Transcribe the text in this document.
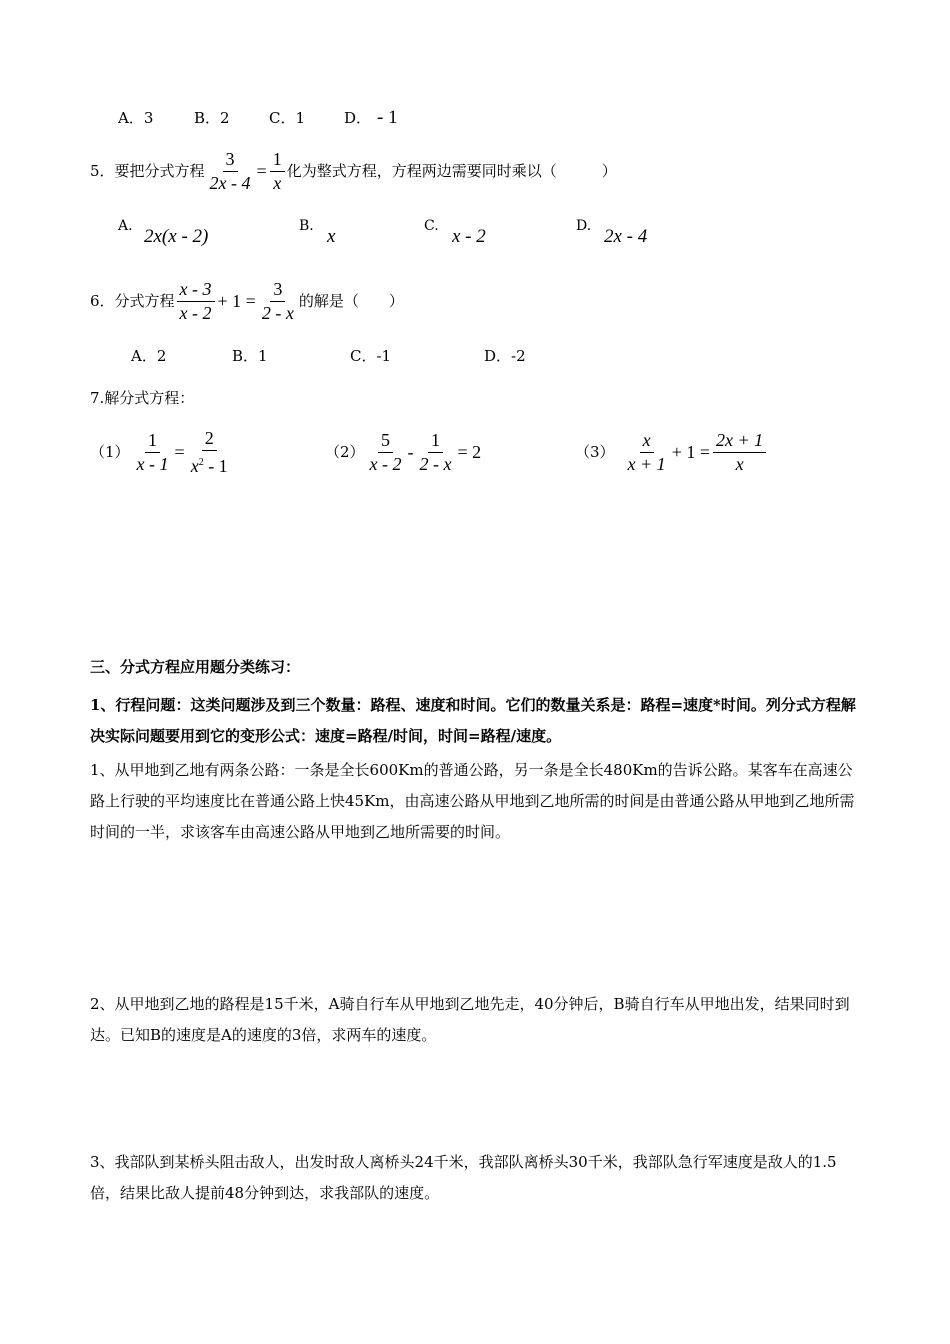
A．3	B．2	C．1	D． - 1
5．要把分式方程 $\frac{3}{2x - 4} = \frac{1}{x}$ 化为整式方程，方程两边需要同时乘以（　　　）
A. 2x(x - 2)	B. x	C. x - 2	D. 2x - 4
6．分式方程 $\frac{x - 3}{x - 2} + 1 = \frac{3}{2 - x}$ 的解是（　　）
A．2	B．1	C．-1	D．-2
7.解分式方程：
$(1) \frac{1}{x - 1} = \frac{2}{x^2 - 1}$	$(2) \frac{5}{x - 2} - \frac{1}{2 - x} = 2$	$(3) \frac{x}{x + 1} + 1 = \frac{2x + 1}{x}$
三、分式方程应用题分类练习：
1、行程问题：这类问题涉及到三个数量：路程、速度和时间。它们的数量关系是：路程=速度*时间。列分式方程解决实际问题要用到它的变形公式：速度=路程/时间，时间=路程/速度。
1、从甲地到乙地有两条公路：一条是全长600Km的普通公路，另一条是全长480Km的告诉公路。某客车在高速公路上行驶的平均速度比在普通公路上快45Km，由高速公路从甲地到乙地所需的时间是由普通公路从甲地到乙地所需时间的一半，求该客车由高速公路从甲地到乙地所需要的时间。
2、从甲地到乙地的路程是15千米，A骑自行车从甲地到乙地先走，40分钟后，B骑自行车从甲地出发，结果同时到达。已知B的速度是A的速度的3倍，求两车的速度。
3、我部队到某桥头阻击敌人，出发时敌人离桥头24千米，我部队离桥头30千米，我部队急行军速度是敌人的1.5倍，结果比敌人提前48分钟到达，求我部队的速度。
